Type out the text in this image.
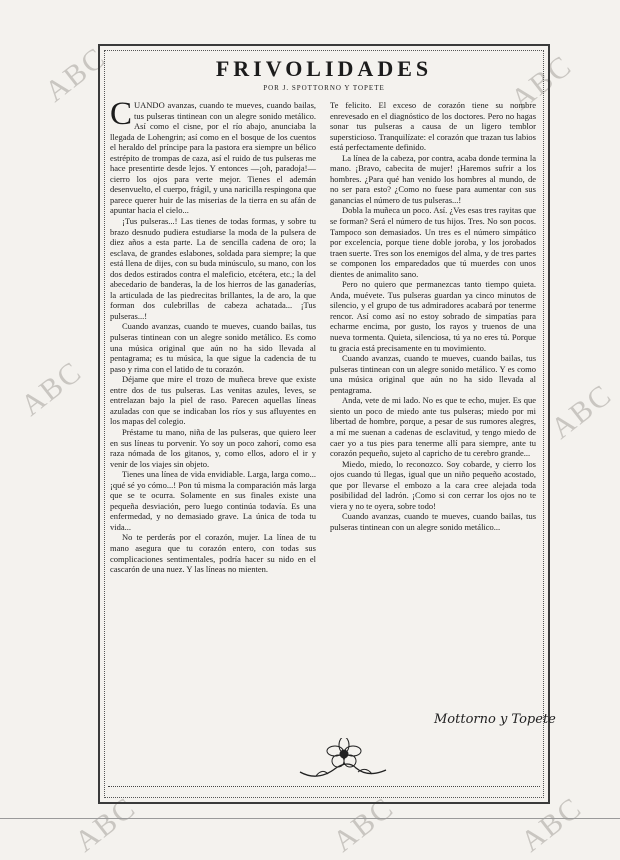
ABC	ABC
ABC	ABC
ABC	ABC	ABC
FRIVOLIDADES
POR J. SPOTTORNO Y TOPETE

CUANDO avanzas, cuando te mueves, cuando bailas, tus pulseras tintinean con un alegre sonido metálico. Así como el cisne, por el río abajo, anunciaba la llegada de Lohengrin; así como en el bosque de los cuentos el heraldo del príncipe para la pastora era siempre un bélico estrépito de trompas de caza, así el ruido de tus pulseras me hace presentirte desde lejos. Y entonces —¡oh, paradoja!— cierro los ojos para verte mejor. Tienes el ademán desenvuelto, el cuerpo, frágil, y una naricilla respingona que parece querer huir de las miserias de la tierra en su afán de apuntar hacia el cielo...

¡Tus pulseras...! Las tienes de todas formas, y sobre tu brazo desnudo pudiera estudiarse la moda de la pulsera de diez años a esta parte. La de sencilla cadena de oro; la esclava, de grandes eslabones, soldada para siempre; la que está llena de dijes, con su buda minúsculo, su mano, con los dos dedos estirados contra el maleficio, etcétera, etc.; la del abecedario de banderas, la de los hierros de las ganaderías, la articulada de las piedrecitas brillantes, la de aro, la que forman dos culebrillas de cabeza achatada... ¡Tus pulseras...!

Cuando avanzas, cuando te mueves, cuando bailas, tus pulseras tintinean con un alegre sonido metálico. Es como una música original que aún no ha sido llevada al pentagrama; es tu música, la que sigue la cadencia de tu paso y rima con el latido de tu corazón.

Déjame que mire el trozo de muñeca breve que existe entre dos de tus pulseras. Las venitas azules, leves, se entrelazan bajo la piel de raso. Parecen aquellas líneas azuladas con que se indicaban los ríos y sus afluyentes en los mapas del colegio.

Préstame tu mano, niña de las pulseras, que quiero leer en sus líneas tu porvenir. Yo soy un poco zahorí, como esa raza nómada de los gitanos, y, como ellos, adoro el ir y venir de los viajes sin objeto.

Tienes una línea de vida envidiable. Larga, larga como... ¡qué sé yo cómo...! Pon tú misma la comparación más larga que se te ocurra. Solamente en sus finales existe una pequeña desviación, pero luego continúa todavía. Es una enfermedad, y no demasiado grave. La única de toda tu vida...

No te perderás por el corazón, mujer. La línea de tu mano asegura que tu corazón entero, con todas sus complicaciones sentimentales, podría hacer su nido en el cascarón de una nuez. Y las líneas no mienten.

Te felicito. El exceso de corazón tiene su nombre enrevesado en el diagnóstico de los doctores. Pero no hagas sonar tus pulseras a causa de un ligero temblor supersticioso. Tranquilízate: el corazón que trazan tus labios está perfectamente definido.

La línea de la cabeza, por contra, acaba donde termina la mano. ¡Bravo, cabecita de mujer! ¡Haremos sufrir a los hombres. ¿Para qué han venido los hombres al mundo, de no ser para esto? ¿Como no fuese para aumentar con sus ganancias el número de tus pulseras...!

Dobla la muñeca un poco. Así. ¿Ves esas tres rayitas que se forman? Será el número de tus hijos. Tres. No son pocos. Tampoco son demasiados. Un tres es el número simpático por excelencia, porque tiene doble joroba, y los jorobados traen suerte. Tres son los enemigos del alma, y de tres partes se componen los emparedados que tú muerdes con unos dientes de animalito sano.

Pero no quiero que permanezcas tanto tiempo quieta. Anda, muévete. Tus pulseras guardan ya cinco minutos de silencio, y el grupo de tus admiradores acabará por tenerme rencor. Así como así no estoy sobrado de simpatías para echarme encima, por gusto, los rayos y truenos de una nueva tormenta. Quieta, silenciosa, tú ya no eres tú. Porque tu gracia está precisamente en tu movimiento.

Cuando avanzas, cuando te mueves, cuando bailas, tus pulseras tintinean con un alegre sonido metálico. Y es como una música original que aún no ha sido llevada al pentagrama.

Anda, vete de mi lado. No es que te echo, mujer. Es que siento un poco de miedo ante tus pulseras; miedo por mi libertad de hombre, porque, a pesar de sus rumores alegres, a mí me suenan a cadenas de esclavitud, y tengo miedo de caer yo a tus pies para tenerme allí para siempre, ante tu corazón pequeño, sujeto al capricho de tu cerebro grande...

Miedo, miedo, lo reconozco. Soy cobarde, y cierro los ojos cuando tú llegas, igual que un niño pequeño acostado, que por llevarse el embozo a la cara cree alejada toda posibilidad del ladrón. ¡Como si con cerrar los ojos no te viera y no te oyera, sobre todo!

Cuando avanzas, cuando te mueves, cuando bailas, tus pulseras tintinean con un alegre sonido metálico...

Mottorno y Topete
